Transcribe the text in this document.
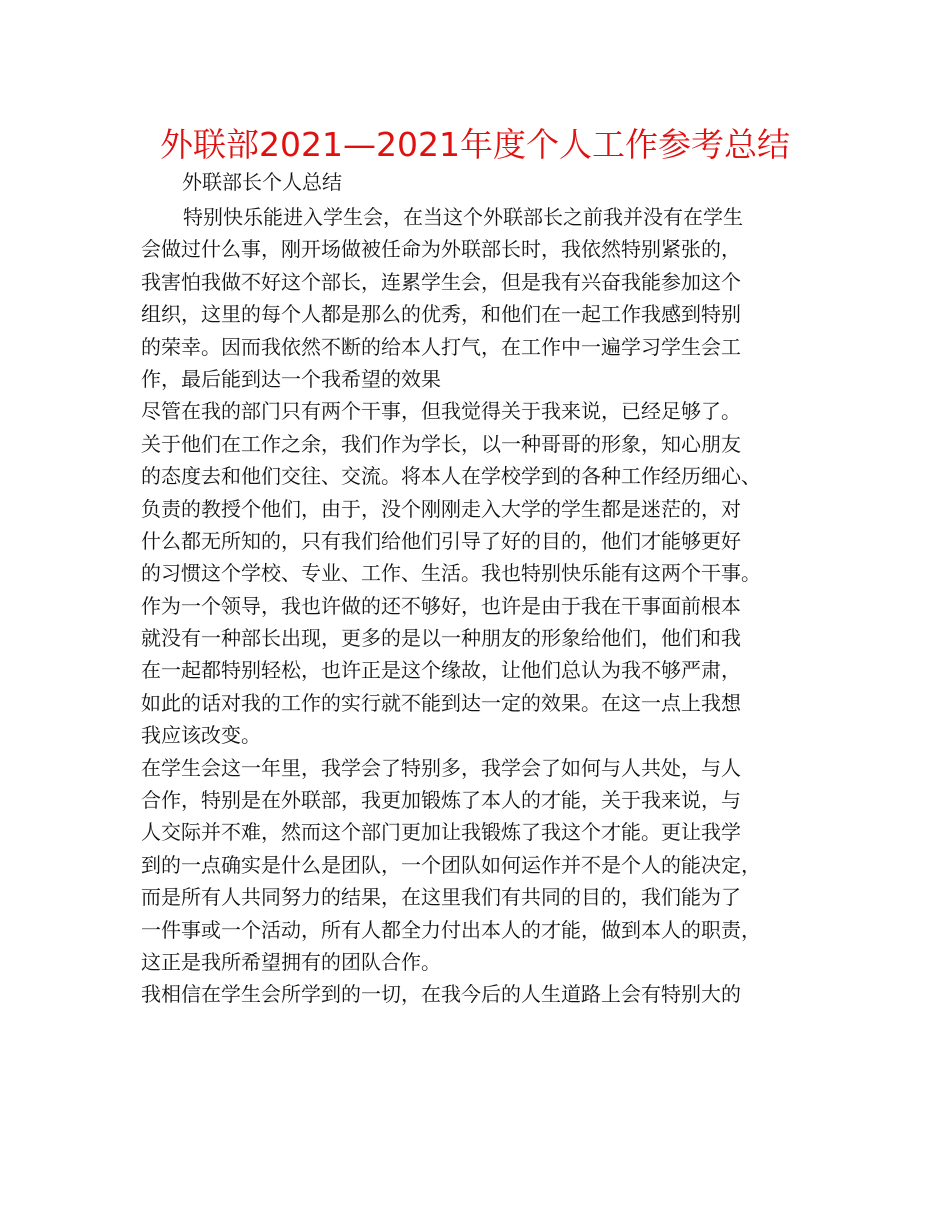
外联部2021—2021年度个人工作参考总结
外联部长个人总结
特别快乐能进入学生会，在当这个外联部长之前我并没有在学生
会做过什么事，刚开场做被任命为外联部长时，我依然特别紧张的，
我害怕我做不好这个部长，连累学生会，但是我有兴奋我能参加这个
组织，这里的每个人都是那么的优秀，和他们在一起工作我感到特别
的荣幸。因而我依然不断的给本人打气，在工作中一遍学习学生会工
作，最后能到达一个我希望的效果
尽管在我的部门只有两个干事，但我觉得关于我来说，已经足够了。
关于他们在工作之余，我们作为学长，以一种哥哥的形象，知心朋友
的态度去和他们交往、交流。将本人在学校学到的各种工作经历细心、
负责的教授个他们，由于，没个刚刚走入大学的学生都是迷茫的，对
什么都无所知的，只有我们给他们引导了好的目的，他们才能够更好
的习惯这个学校、专业、工作、生活。我也特别快乐能有这两个干事。
作为一个领导，我也许做的还不够好，也许是由于我在干事面前根本
就没有一种部长出现，更多的是以一种朋友的形象给他们，他们和我
在一起都特别轻松，也许正是这个缘故，让他们总认为我不够严肃，
如此的话对我的工作的实行就不能到达一定的效果。在这一点上我想
我应该改变。
在学生会这一年里，我学会了特别多，我学会了如何与人共处，与人
合作，特别是在外联部，我更加锻炼了本人的才能，关于我来说，与
人交际并不难，然而这个部门更加让我锻炼了我这个才能。更让我学
到的一点确实是什么是团队，一个团队如何运作并不是个人的能决定，
而是所有人共同努力的结果，在这里我们有共同的目的，我们能为了
一件事或一个活动，所有人都全力付出本人的才能，做到本人的职责，
这正是我所希望拥有的团队合作。
我相信在学生会所学到的一切，在我今后的人生道路上会有特别大的
